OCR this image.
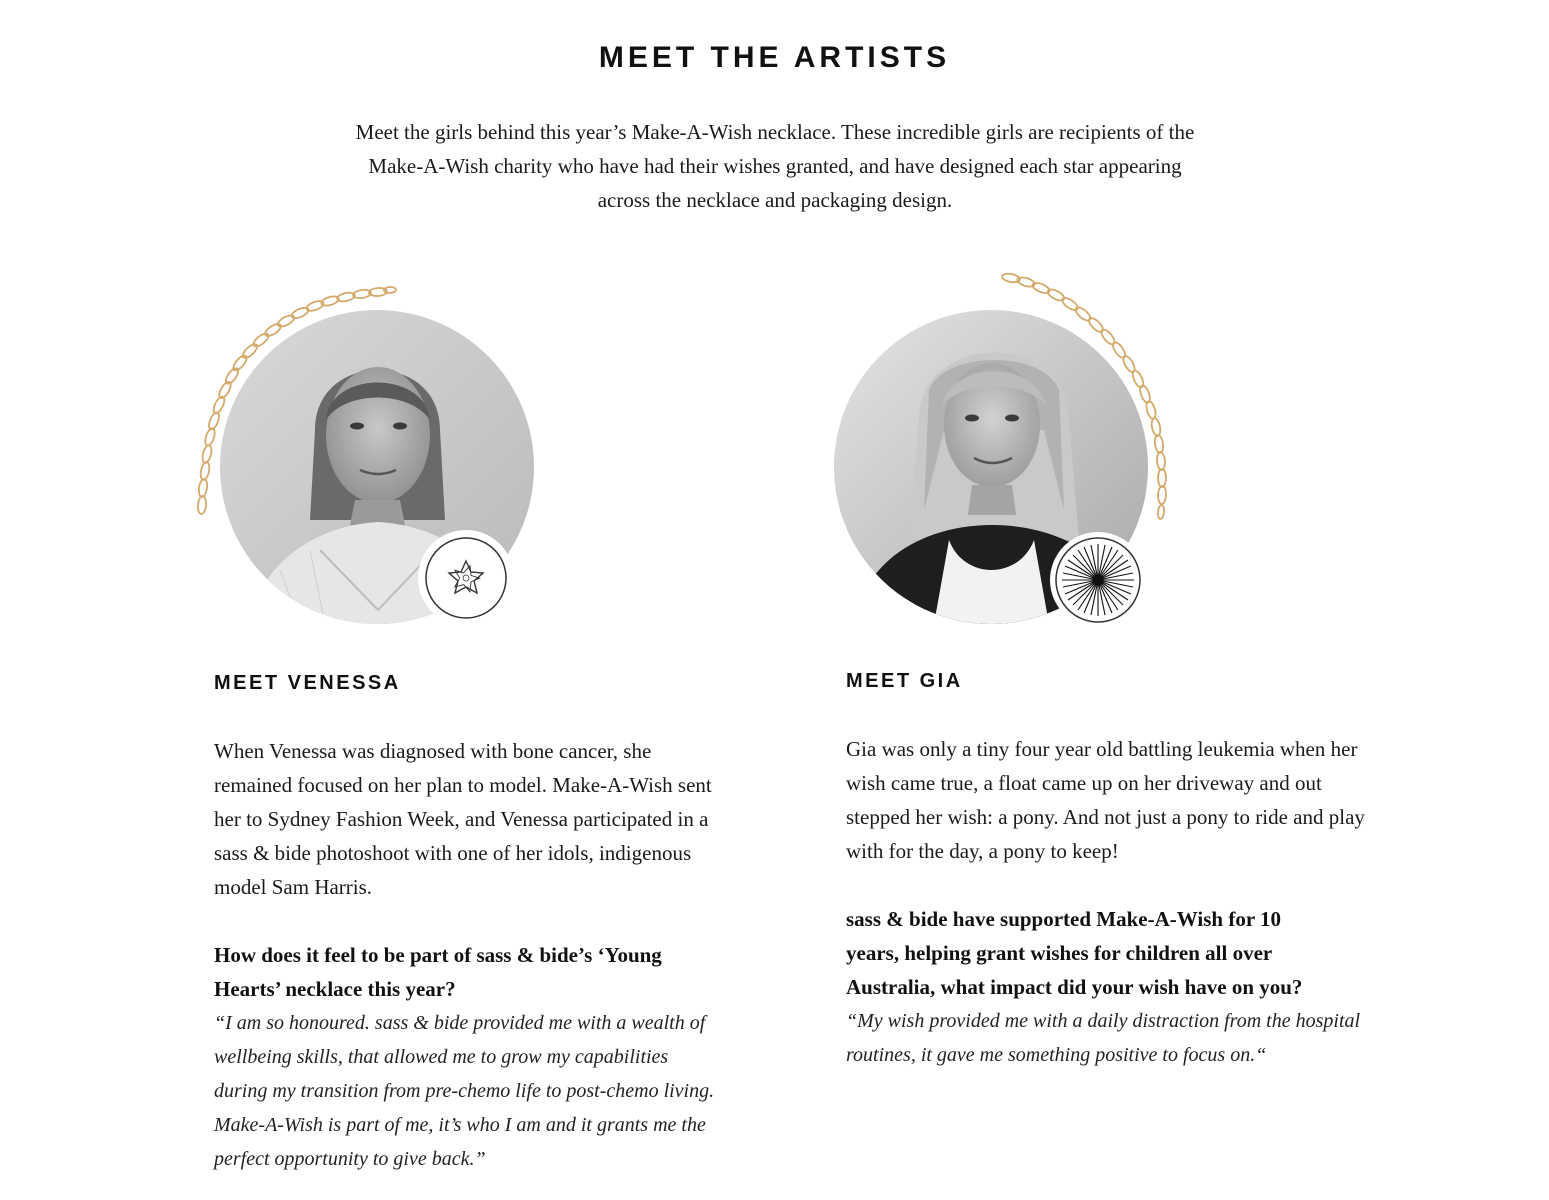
MEET THE ARTISTS

Meet the girls behind this year’s Make-A-Wish necklace. These incredible girls are recipients of the Make-A-Wish charity who have had their wishes granted, and have designed each star appearing across the necklace and packaging design.

MEET VENESSA

When Venessa was diagnosed with bone cancer, she remained focused on her plan to model. Make-A-Wish sent her to Sydney Fashion Week, and Venessa participated in a sass & bide photoshoot with one of her idols, indigenous model Sam Harris.

How does it feel to be part of sass & bide’s ‘Young Hearts’ necklace this year?

“I am so honoured. sass & bide provided me with a wealth of wellbeing skills, that allowed me to grow my capabilities during my transition from pre-chemo life to post-chemo living. Make-A-Wish is part of me, it’s who I am and it grants me the perfect opportunity to give back.”

MEET GIA

Gia was only a tiny four year old battling leukemia when her wish came true, a float came up on her driveway and out stepped her wish: a pony. And not just a pony to ride and play with for the day, a pony to keep!

sass & bide have supported Make-A-Wish for 10 years, helping grant wishes for children all over Australia, what impact did your wish have on you?

“My wish provided me with a daily distraction from the hospital routines, it gave me something positive to focus on.“
